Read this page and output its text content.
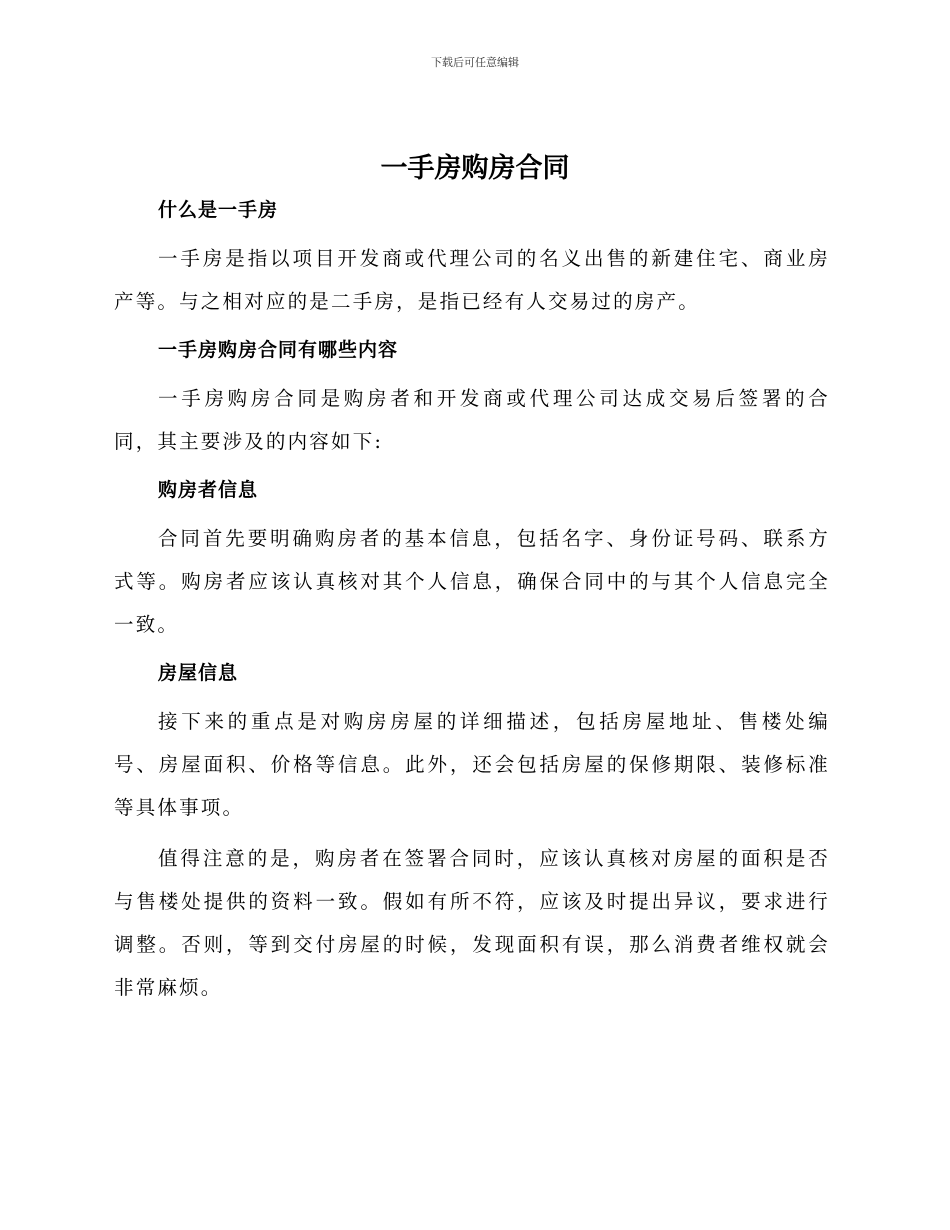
下载后可任意编辑
一手房购房合同
什么是一手房

一手房是指以项目开发商或代理公司的名义出售的新建住宅、商业房产等。与之相对应的是二手房，是指已经有人交易过的房产。

一手房购房合同有哪些内容

一手房购房合同是购房者和开发商或代理公司达成交易后签署的合同，其主要涉及的内容如下:

购房者信息

合同首先要明确购房者的基本信息，包括名字、身份证号码、联系方式等。购房者应该认真核对其个人信息，确保合同中的与其个人信息完全一致。

房屋信息

接下来的重点是对购房房屋的详细描述，包括房屋地址、售楼处编号、房屋面积、价格等信息。此外，还会包括房屋的保修期限、装修标准等具体事项。

值得注意的是，购房者在签署合同时，应该认真核对房屋的面积是否与售楼处提供的资料一致。假如有所不符，应该及时提出异议，要求进行调整。否则，等到交付房屋的时候，发现面积有误，那么消费者维权就会非常麻烦。
